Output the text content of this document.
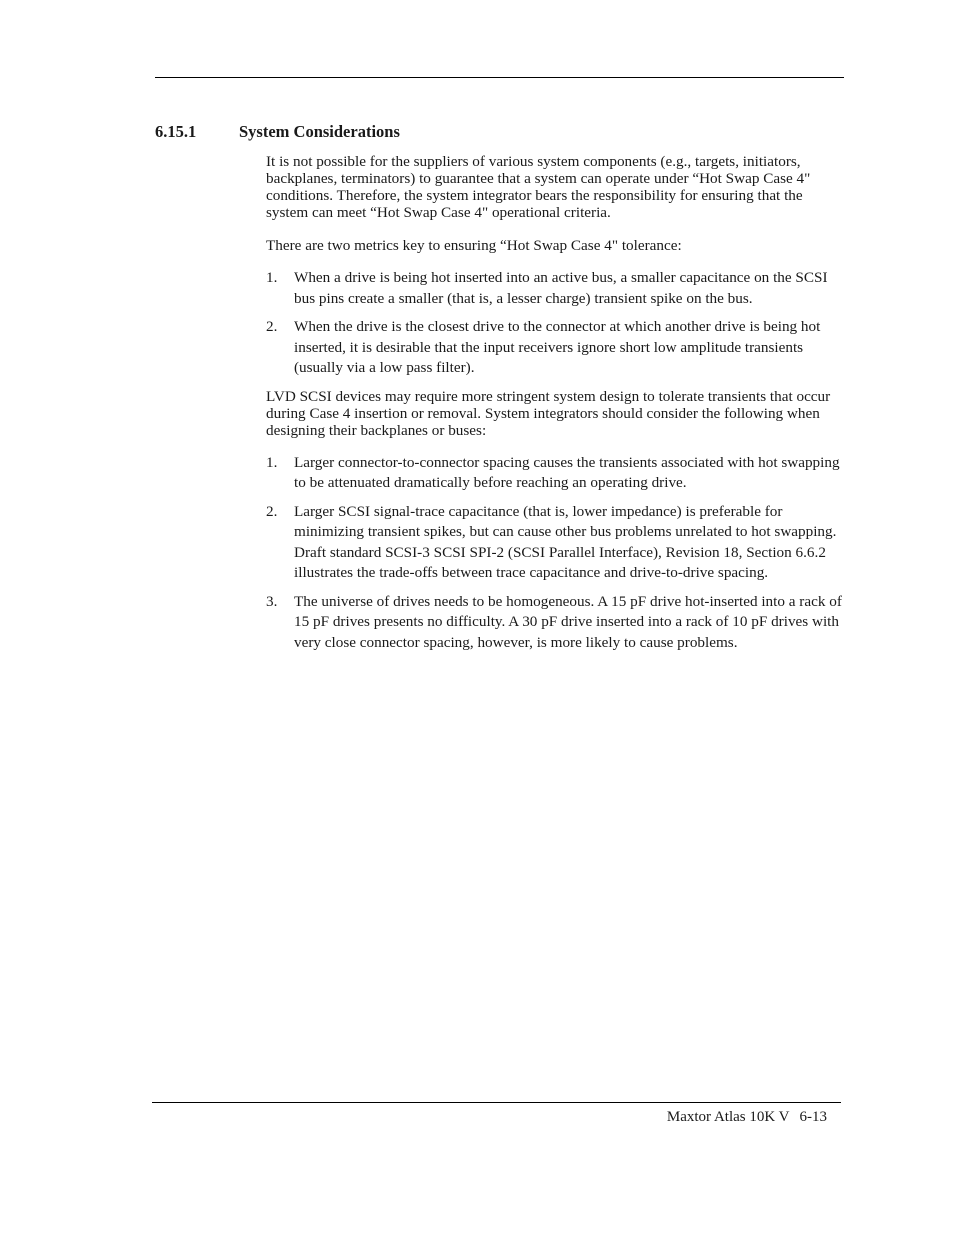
6.15.1	System Considerations

It is not possible for the suppliers of various system components (e.g., targets, initiators, backplanes, terminators) to guarantee that a system can operate under “Hot Swap Case 4" conditions. Therefore, the system integrator bears the responsibility for ensuring that the system can meet “Hot Swap Case 4" operational criteria.

There are two metrics key to ensuring “Hot Swap Case 4" tolerance:

1. When a drive is being hot inserted into an active bus, a smaller capacitance on the SCSI bus pins create a smaller (that is, a lesser charge) transient spike on the bus.
2. When the drive is the closest drive to the connector at which another drive is being hot inserted, it is desirable that the input receivers ignore short low amplitude transients (usually via a low pass filter).

LVD SCSI devices may require more stringent system design to tolerate transients that occur during Case 4 insertion or removal. System integrators should consider the following when designing their backplanes or buses:

1. Larger connector-to-connector spacing causes the transients associated with hot swapping to be attenuated dramatically before reaching an operating drive.
2. Larger SCSI signal-trace capacitance (that is, lower impedance) is preferable for minimizing transient spikes, but can cause other bus problems unrelated to hot swapping. Draft standard SCSI-3 SCSI SPI-2 (SCSI Parallel Interface), Revision 18, Section 6.6.2 illustrates the trade-offs between trace capacitance and drive-to-drive spacing.
3. The universe of drives needs to be homogeneous. A 15 pF drive hot-inserted into a rack of 15 pF drives presents no difficulty. A 30 pF drive inserted into a rack of 10 pF drives with very close connector spacing, however, is more likely to cause problems.
Maxtor Atlas 10K V 6-13
